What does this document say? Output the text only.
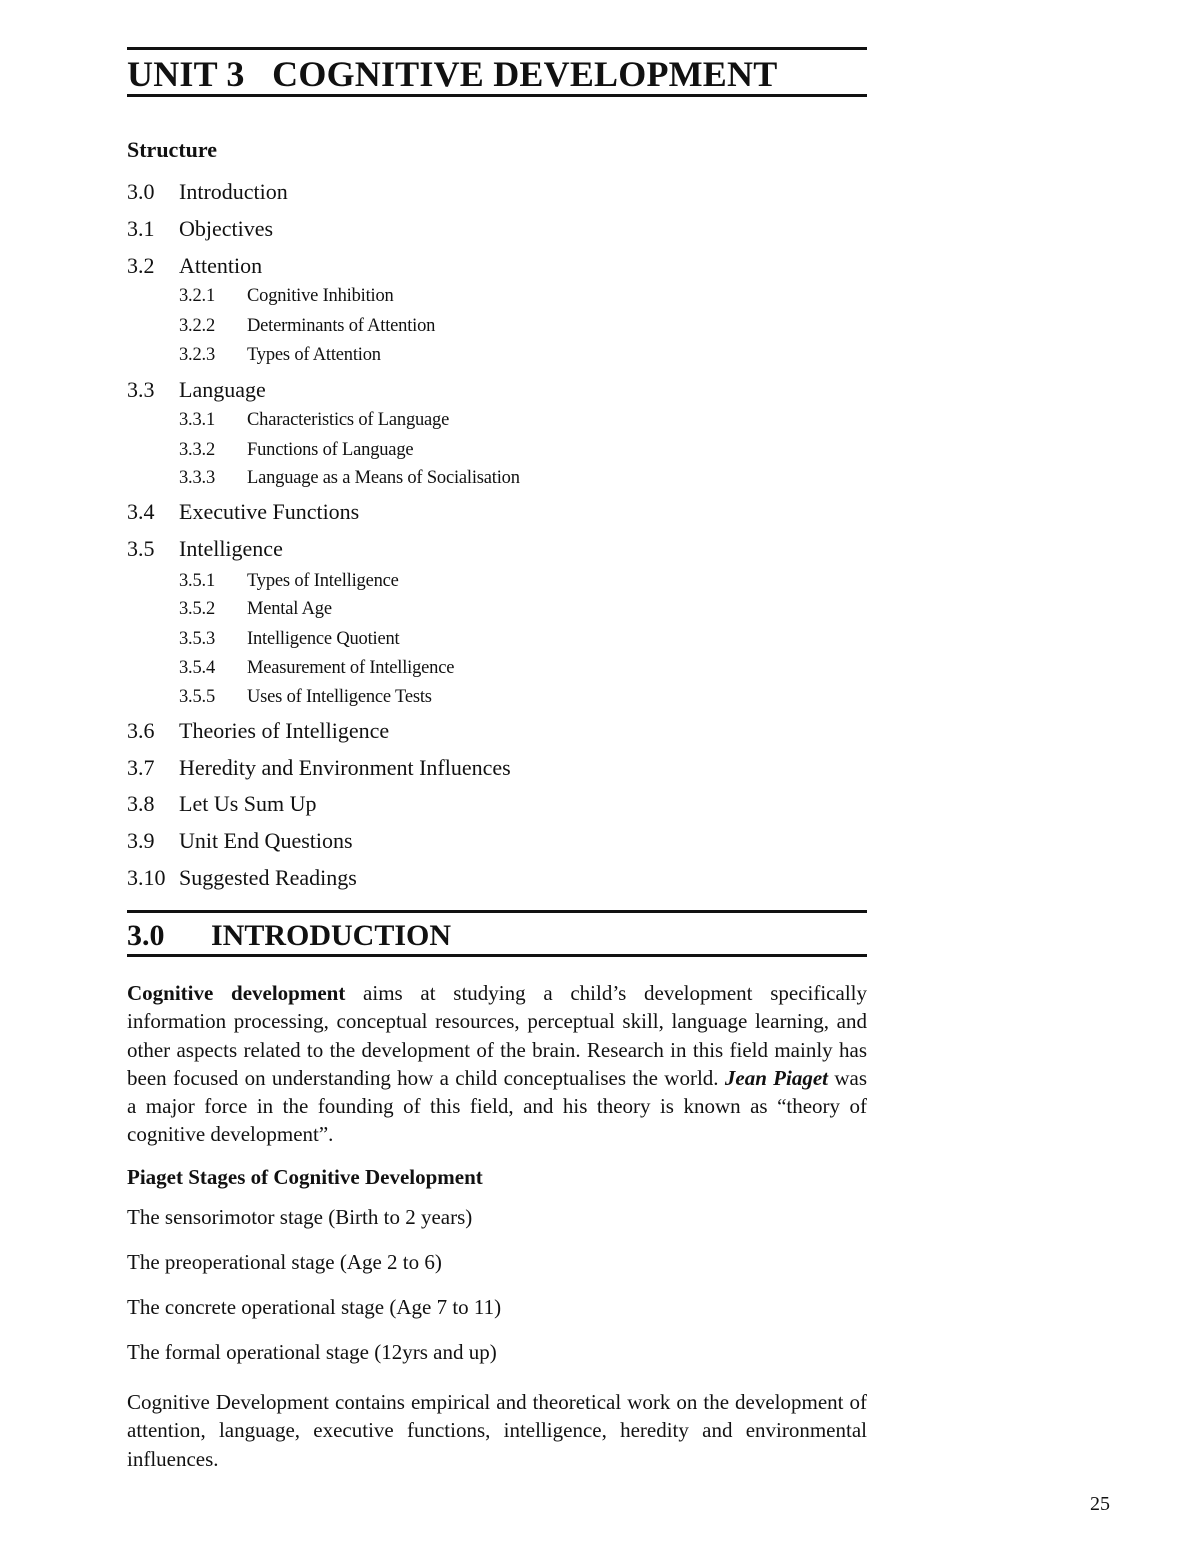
UNIT 3   COGNITIVE DEVELOPMENT
Structure
3.0 Introduction
3.1 Objectives
3.2 Attention
3.2.1 Cognitive Inhibition
3.2.2 Determinants of Attention
3.2.3 Types of Attention
3.3 Language
3.3.1 Characteristics of Language
3.3.2 Functions of Language
3.3.3 Language as a Means of Socialisation
3.4 Executive Functions
3.5 Intelligence
3.5.1 Types of Intelligence
3.5.2 Mental Age
3.5.3 Intelligence Quotient
3.5.4 Measurement of Intelligence
3.5.5 Uses of Intelligence Tests
3.6 Theories of Intelligence
3.7 Heredity and Environment Influences
3.8 Let Us Sum Up
3.9 Unit End Questions
3.10 Suggested Readings
3.0 INTRODUCTION

Cognitive development aims at studying a child’s development specifically information processing, conceptual resources, perceptual skill, language learning, and other aspects related to the development of the brain. Research in this field mainly has been focused on understanding how a child conceptualises the world. Jean Piaget was a major force in the founding of this field, and his theory is known as “theory of cognitive development”.

Piaget Stages of Cognitive Development
The sensorimotor stage (Birth to 2 years)
The preoperational stage (Age 2 to 6)
The concrete operational stage (Age 7 to 11)
The formal operational stage (12yrs and up)

Cognitive Development contains empirical and theoretical work on the development of attention, language, executive functions, intelligence, heredity and environmental influences.

25
